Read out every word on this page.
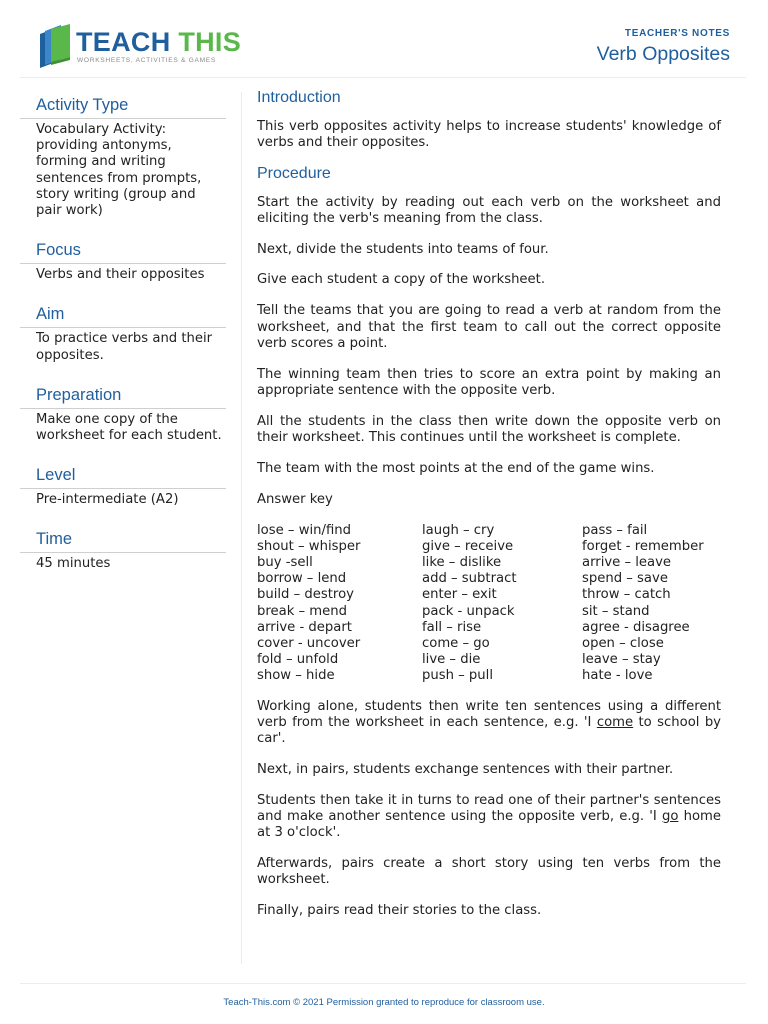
TEACH THIS
WORKSHEETS, ACTIVITIES & GAMES
TEACHER'S NOTES
Verb Opposites
Activity Type
Vocabulary Activity: providing antonyms, forming and writing sentences from prompts, story writing (group and pair work)
Focus
Verbs and their opposites
Aim
To practice verbs and their opposites.
Preparation
Make one copy of the worksheet for each student.
Level
Pre-intermediate (A2)
Time
45 minutes
Introduction

This verb opposites activity helps to increase students' knowledge of verbs and their opposites.

Procedure

Start the activity by reading out each verb on the worksheet and eliciting the verb's meaning from the class.

Next, divide the students into teams of four.

Give each student a copy of the worksheet.

Tell the teams that you are going to read a verb at random from the worksheet, and that the first team to call out the correct opposite verb scores a point.

The winning team then tries to score an extra point by making an appropriate sentence with the opposite verb.

All the students in the class then write down the opposite verb on their worksheet. This continues until the worksheet is complete.

The team with the most points at the end of the game wins.

Answer key

lose – win/find
shout – whisper
buy -sell
borrow – lend
build – destroy
break – mend
arrive - depart
cover - uncover
fold – unfold
show – hide
laugh – cry
give – receive
like – dislike
add – subtract
enter – exit
pack - unpack
fall – rise
come – go
live – die
push – pull
pass – fail
forget - remember
arrive – leave
spend – save
throw – catch
sit – stand
agree - disagree
open – close
leave – stay
hate - love

Working alone, students then write ten sentences using a different verb from the worksheet in each sentence, e.g. 'I come to school by car'.

Next, in pairs, students exchange sentences with their partner.

Students then take it in turns to read one of their partner's sentences and make another sentence using the opposite verb, e.g. 'I go home at 3 o'clock'.

Afterwards, pairs create a short story using ten verbs from the worksheet.

Finally, pairs read their stories to the class.

Teach-This.com © 2021 Permission granted to reproduce for classroom use.
